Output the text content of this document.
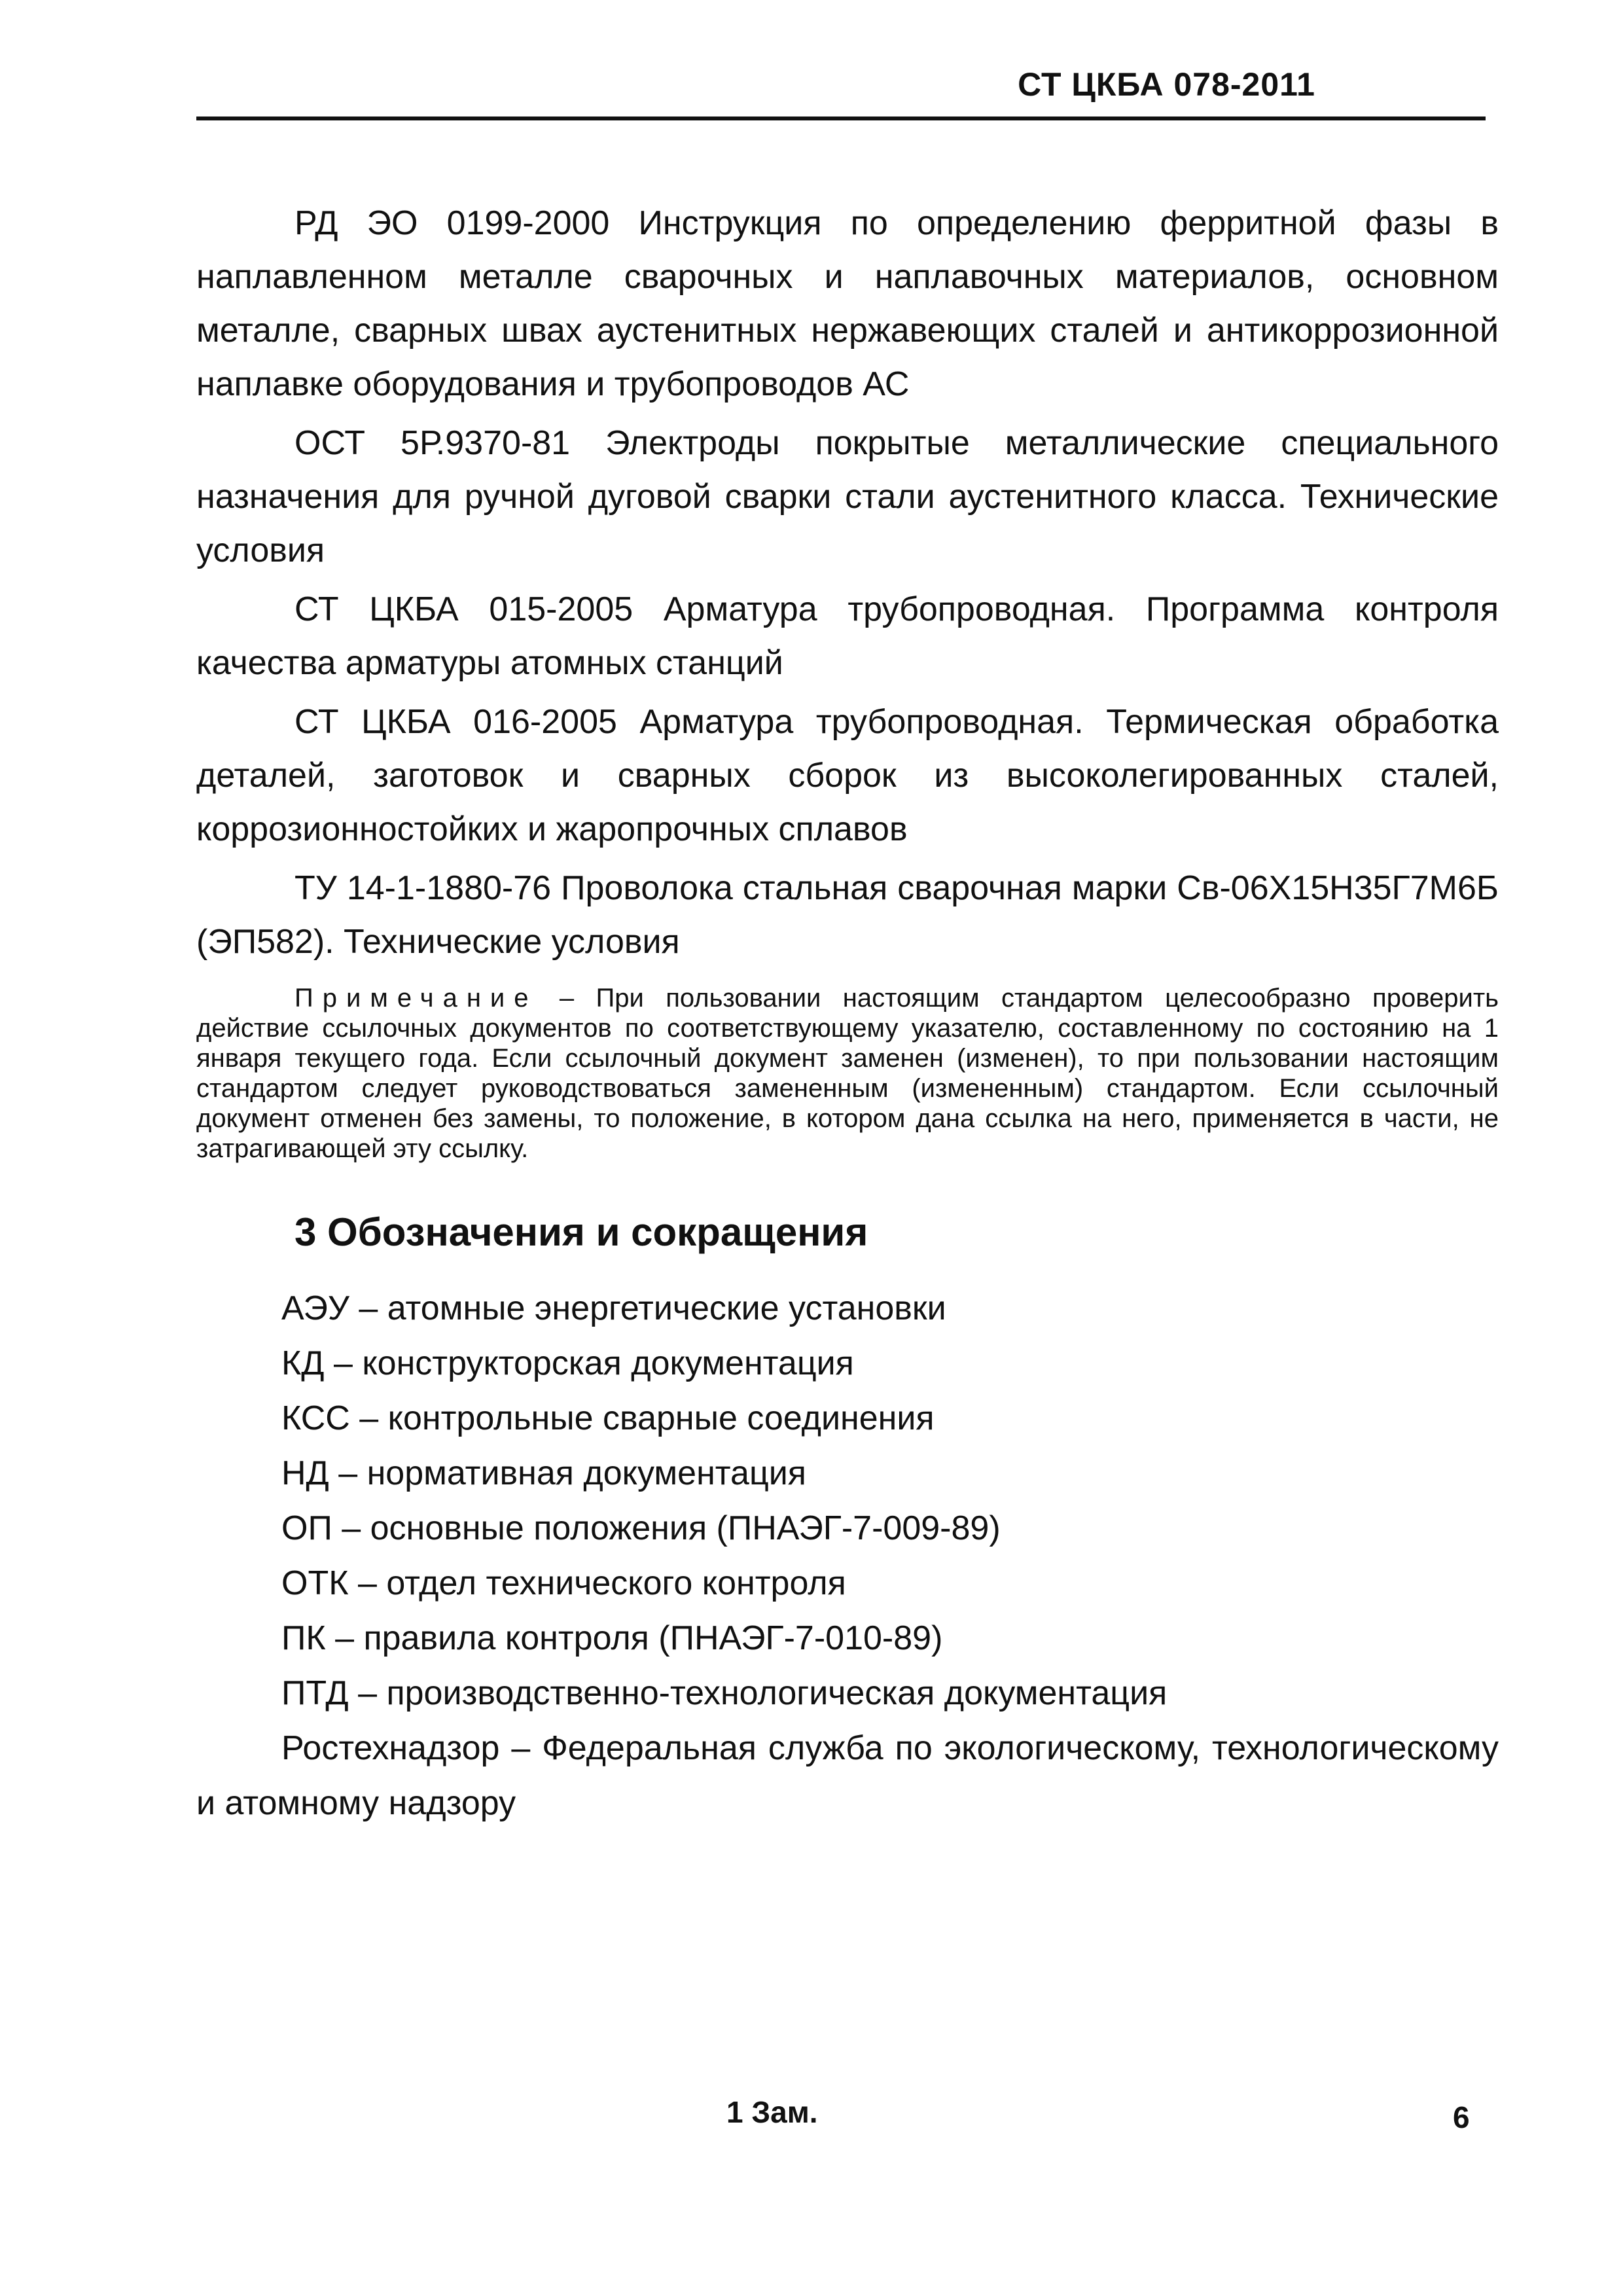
СТ ЦКБА 078-2011

РД ЭО 0199-2000 Инструкция по определению ферритной фазы в наплавленном металле сварочных и наплавочных материалов, основном металле, сварных швах аустенитных нержавеющих сталей и антикоррозионной наплавке оборудования и трубопроводов АС

ОСТ 5Р.9370-81 Электроды покрытые металлические специального назначения для ручной дуговой сварки стали аустенитного класса. Технические условия

СТ ЦКБА 015-2005 Арматура трубопроводная. Программа контроля качества арматуры атомных станций

СТ ЦКБА 016-2005 Арматура трубопроводная. Термическая обработка деталей, заготовок и сварных сборок из высоколегированных сталей, коррозионностойких и жаропрочных сплавов

ТУ 14-1-1880-76 Проволока стальная сварочная марки Св-06Х15Н35Г7М6Б (ЭП582). Технические условия

Примечание – При пользовании настоящим стандартом целесообразно проверить действие ссылочных документов по соответствующему указателю, составленному по состоянию на 1 января текущего года. Если ссылочный документ заменен (изменен), то при пользовании настоящим стандартом следует руководствоваться замененным (измененным) стандартом. Если ссылочный документ отменен без замены, то положение, в котором дана ссылка на него, применяется в части, не затрагивающей эту ссылку.

3 Обозначения и сокращения
АЭУ – атомные энергетические установки
КД – конструкторская документация
КСС – контрольные сварные соединения
НД – нормативная документация
ОП – основные положения (ПНАЭГ-7-009-89)
ОТК – отдел технического контроля
ПК – правила контроля (ПНАЭГ-7-010-89)
ПТД – производственно-технологическая документация
Ростехнадзор – Федеральная служба по экологическому, технологическому и атомному надзору
1 Зам.	6
